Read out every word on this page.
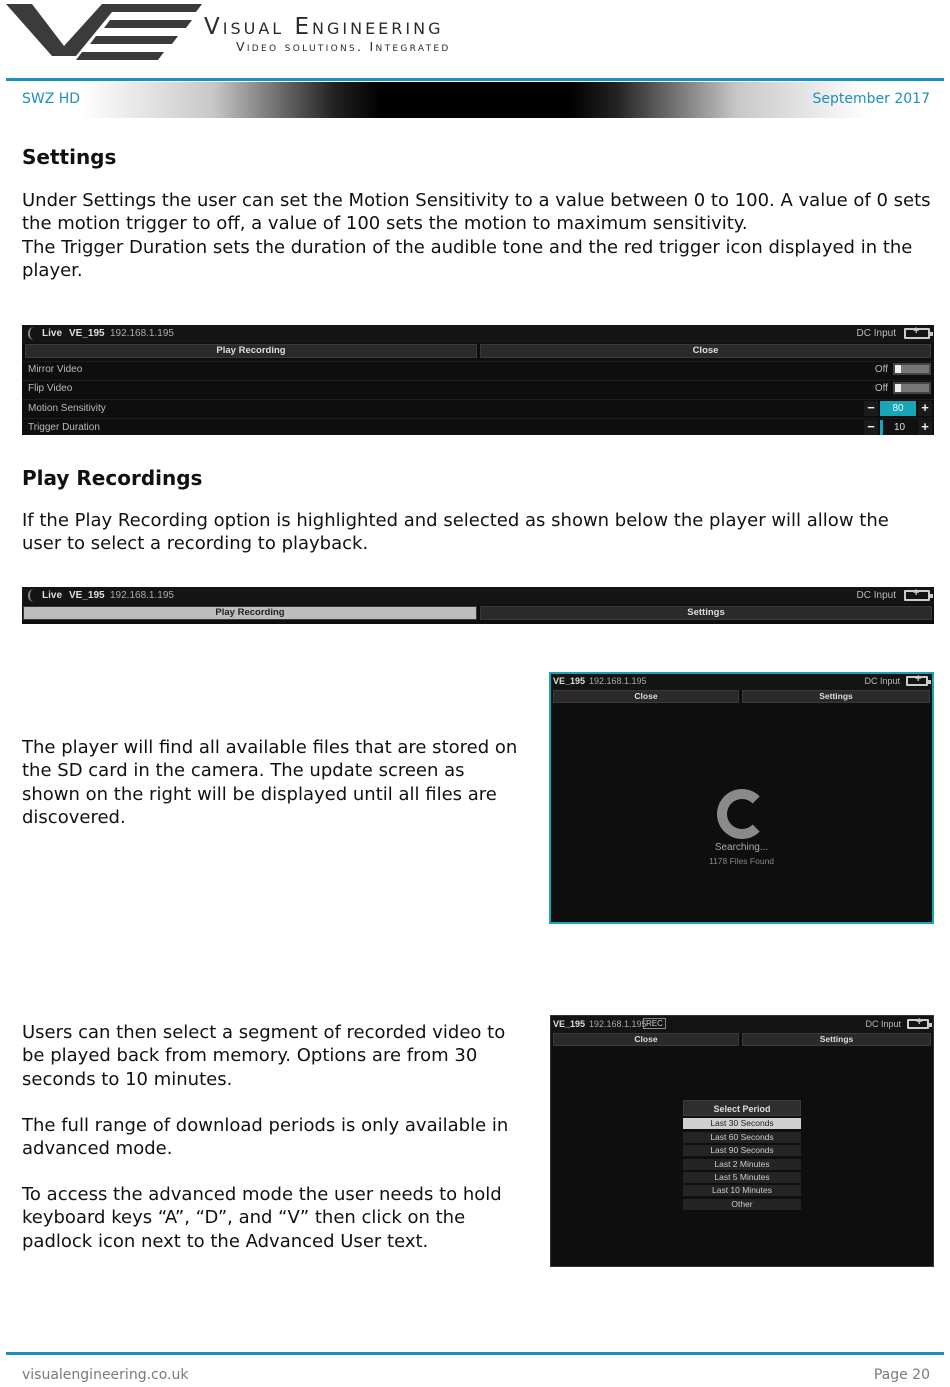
Visual Engineering
Video solutions. Integrated
SWZ HD	September 2017
Settings
Under Settings the user can set the Motion Sensitivity to a value between 0 to 100. A value of 0 sets the motion trigger to off, a value of 100 sets the motion to maximum sensitivity.
The Trigger Duration sets the duration of the audible tone and the red trigger icon displayed in the player.
Live VE_195 192.168.1.195	DC Input
+
Play Recording	Close
Mirror Video	Off
Flip Video	Off
Motion Sensitivity	−	80	+
Trigger Duration	−	10	+
Play Recordings
If the Play Recording option is highlighted and selected as shown below the player will allow the user to select a recording to playback.
Live VE_195 192.168.1.195	DC Input
+
Play Recording	Settings
The player will find all available files that are stored on the SD card in the camera. The update screen as shown on the right will be displayed until all files are discovered.
VE_195 192.168.1.195	DC Input
+
Close	Settings
Searching...
1178 Files Found
Users can then select a segment of recorded video to be played back from memory. Options are from 30 seconds to 10 minutes.
The full range of download periods is only available in advanced mode.
To access the advanced mode the user needs to hold keyboard keys “A”, “D”, and “V” then click on the padlock icon next to the Advanced User text.
VE_195 192.168.1.195 REC	DC Input
+
Close	Settings
Select Period
Last 30 Seconds
Last 60 Seconds
Last 90 Seconds
Last 2 Minutes
Last 5 Minutes
Last 10 Minutes
Other
visualengineering.co.uk	Page 20
